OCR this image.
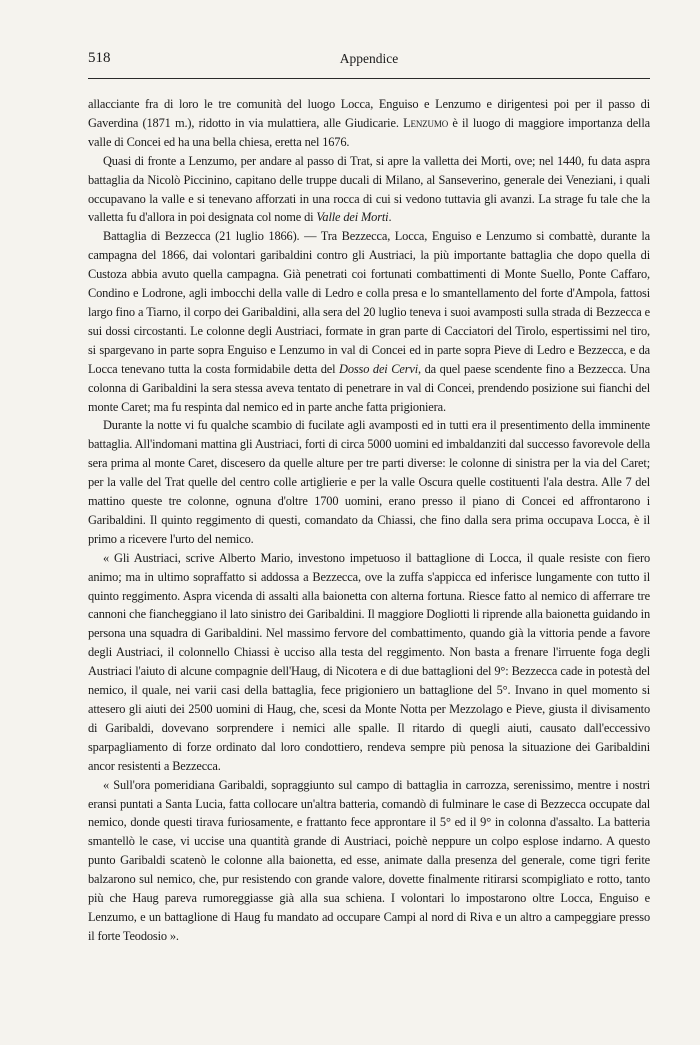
518	Appendice

allacciante fra di loro le tre comunità del luogo Locca, Enguiso e Lenzumo e dirigentesi poi per il passo di Gaverdina (1871 m.), ridotto in via mulattiera, alle Giudicarie. Lenzumo è il luogo di maggiore importanza della valle di Concei ed ha una bella chiesa, eretta nel 1676.

Quasi di fronte a Lenzumo, per andare al passo di Trat, si apre la valletta dei Morti, ove; nel 1440, fu data aspra battaglia da Nicolò Piccinino, capitano delle truppe ducali di Milano, al Sanseverino, generale dei Veneziani, i quali occupavano la valle e si tenevano afforzati in una rocca di cui si vedono tuttavia gli avanzi. La strage fu tale che la valletta fu d'allora in poi designata col nome di Valle dei Morti.

Battaglia di Bezzecca (21 luglio 1866). — Tra Bezzecca, Locca, Enguiso e Lenzumo si combattè, durante la campagna del 1866, dai volontari garibaldini contro gli Austriaci, la più importante battaglia che dopo quella di Custoza abbia avuto quella campagna. Già penetrati coi fortunati combattimenti di Monte Suello, Ponte Caffaro, Condino e Lodrone, agli imbocchi della valle di Ledro e colla presa e lo smantellamento del forte d'Ampola, fattosi largo fino a Tiarno, il corpo dei Garibaldini, alla sera del 20 luglio teneva i suoi avamposti sulla strada di Bezzecca e sui dossi circostanti. Le colonne degli Austriaci, formate in gran parte di Cacciatori del Tirolo, espertissimi nel tiro, si spargevano in parte sopra Enguiso e Lenzumo in val di Concei ed in parte sopra Pieve di Ledro e Bezzecca, e da Locca tenevano tutta la costa formidabile detta del Dosso dei Cervi, da quel paese scendente fino a Bezzecca. Una colonna di Garibaldini la sera stessa aveva tentato di penetrare in val di Concei, prendendo posizione sui fianchi del monte Caret; ma fu respinta dal nemico ed in parte anche fatta prigioniera.

Durante la notte vi fu qualche scambio di fucilate agli avamposti ed in tutti era il presentimento della imminente battaglia. All'indomani mattina gli Austriaci, forti di circa 5000 uomini ed imbaldanziti dal successo favorevole della sera prima al monte Caret, discesero da quelle alture per tre parti diverse: le colonne di sinistra per la via del Caret; per la valle del Trat quelle del centro colle artiglierie e per la valle Oscura quelle costituenti l'ala destra. Alle 7 del mattino queste tre colonne, ognuna d'oltre 1700 uomini, erano presso il piano di Concei ed affrontarono i Garibaldini. Il quinto reggimento di questi, comandato da Chiassi, che fino dalla sera prima occupava Locca, è il primo a ricevere l'urto del nemico.

« Gli Austriaci, scrive Alberto Mario, investono impetuoso il battaglione di Locca, il quale resiste con fiero animo; ma in ultimo sopraffatto si addossa a Bezzecca, ove la zuffa s'appicca ed inferisce lungamente con tutto il quinto reggimento. Aspra vicenda di assalti alla baionetta con alterna fortuna. Riesce fatto al nemico di afferrare tre cannoni che fiancheggiano il lato sinistro dei Garibaldini. Il maggiore Dogliotti li riprende alla baionetta guidando in persona una squadra di Garibaldini. Nel massimo fervore del combattimento, quando già la vittoria pende a favore degli Austriaci, il colonnello Chiassi è ucciso alla testa del reggimento. Non basta a frenare l'irruente foga degli Austriaci l'aiuto di alcune compagnie dell'Haug, di Nicotera e di due battaglioni del 9°: Bezzecca cade in potestà del nemico, il quale, nei varii casi della battaglia, fece prigioniero un battaglione del 5°. Invano in quel momento si attesero gli aiuti dei 2500 uomini di Haug, che, scesi da Monte Notta per Mezzolago e Pieve, giusta il divisamento di Garibaldi, dovevano sorprendere i nemici alle spalle. Il ritardo di quegli aiuti, causato dall'eccessivo sparpagliamento di forze ordinato dal loro condottiero, rendeva sempre più penosa la situazione dei Garibaldini ancor resistenti a Bezzecca.

« Sull'ora pomeridiana Garibaldi, sopraggiunto sul campo di battaglia in carrozza, serenissimo, mentre i nostri eransi puntati a Santa Lucia, fatta collocare un'altra batteria, comandò di fulminare le case di Bezzecca occupate dal nemico, donde questi tirava furiosamente, e frattanto fece approntare il 5° ed il 9° in colonna d'assalto. La batteria smantellò le case, vi uccise una quantità grande di Austriaci, poichè neppure un colpo esplose indarno. A questo punto Garibaldi scatenò le colonne alla baionetta, ed esse, animate dalla presenza del generale, come tigri ferite balzarono sul nemico, che, pur resistendo con grande valore, dovette finalmente ritirarsi scompigliato e rotto, tanto più che Haug pareva rumoreggiasse già alla sua schiena. I volontari lo impostarono oltre Locca, Enguiso e Lenzumo, e un battaglione di Haug fu mandato ad occupare Campi al nord di Riva e un altro a campeggiare presso il forte Teodosio ».
